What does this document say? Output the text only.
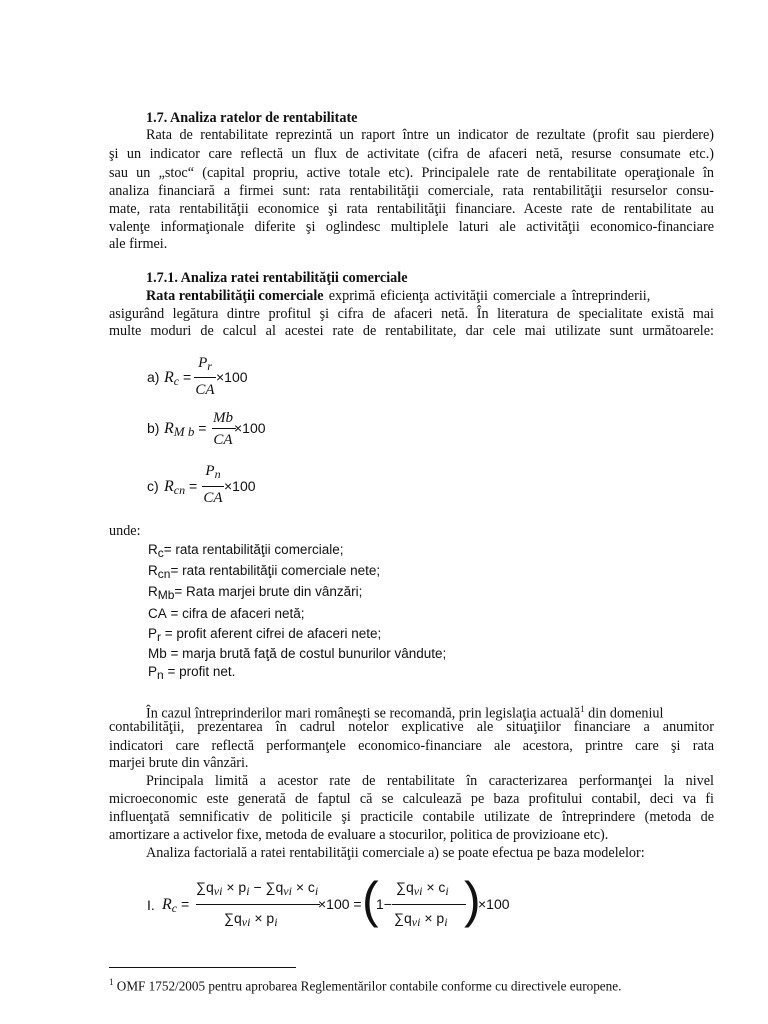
1.7. Analiza ratelor de rentabilitate
Rata de rentabilitate reprezintă un raport între un indicator de rezultate (profit sau pierdere)
şi un indicator care reflectă un flux de activitate (cifra de afaceri netă, resurse consumate etc.)
sau un „stoc“ (capital propriu, active totale etc). Principalele rate de rentabilitate operaţionale în
analiza financiară a firmei sunt: rata rentabilităţii comerciale, rata rentabilităţii resurselor consu-
mate, rata rentabilităţii economice şi rata rentabilităţii financiare. Aceste rate de rentabilitate au
valenţe informaţionale diferite şi oglindesc multiplele laturi ale activităţii economico-financiare
ale firmei.
1.7.1. Analiza ratei rentabilităţii comerciale
Rata rentabilităţii comerciale exprimă eficienţa activităţii comerciale a întreprinderii,
asigurând legătura dintre profitul şi cifra de afaceri netă. În literatura de specialitate există mai
multe moduri de calcul al acestei rate de rentabilitate, dar cele mai utilizate sunt următoarele:
a) $R_c$ =
$P_r$
CA
×100
b) $R_{M b}$ =
Mb
CA
×100
c) $R_{cn}$ =
$P_n$
CA
×100
unde:
$R_c=$ rata rentabilităţii comerciale;
$R_{cn}=$ rata rentabilităţii comerciale nete;
$R_{Mb}=$ Rata marjei brute din vânzări;
CA = cifra de afaceri netă;
$P_r$ = profit aferent cifrei de afaceri nete;
Mb = marja brută faţă de costul bunurilor vândute;
$P_n$ = profit net.
În cazul întreprinderilor mari româneşti se recomandă, prin legislaţia actuală$^1$ din domeniul
contabilităţii, prezentarea în cadrul notelor explicative ale situaţiilor financiare a anumitor
indicatori care reflectă performanţele economico-financiare ale acestora, printre care şi rata
marjei brute din vânzări.
Principala limită a acestor rate de rentabilitate în caracterizarea performanţei la nivel
microeconomic este generată de faptul că se calculează pe baza profitului contabil, deci va fi
influenţată semnificativ de politicile şi practicile contabile utilizate de întreprindere (metoda de
amortizare a activelor fixe, metoda de evaluare a stocurilor, politica de provizioane etc).
Analiza factorială a ratei rentabilităţii comerciale a) se poate efectua pe baza modelelor:
I. $R_c$ =
$\sum q_{vi} \times p_i - \sum q_{vi} \times c_i$
$\sum q_{vi} \times p_i$
×100 = (
1−
$\sum q_{vi} \times c_i$
$\sum q_{vi} \times p_i$ )
×100
$^1$ OMF 1752/2005 pentru aprobarea Reglementărilor contabile conforme cu directivele europene.
